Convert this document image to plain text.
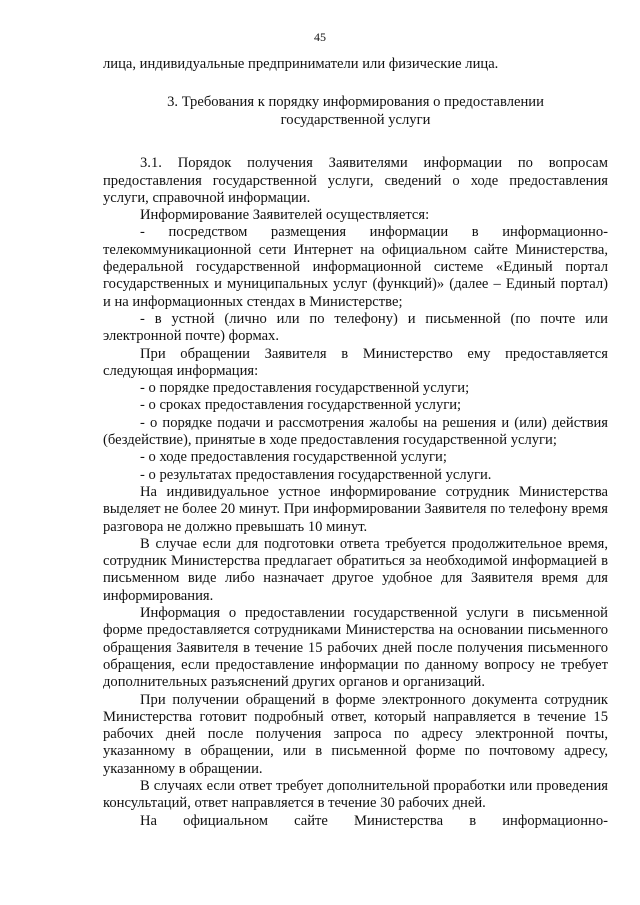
45

лица, индивидуальные предприниматели или физические лица.

3. Требования к порядку информирования о предоставлении
государственной услуги

3.1. Порядок получения Заявителями информации по вопросам предоставления государственной услуги, сведений о ходе предоставления услуги, справочной информации.

Информирование Заявителей осуществляется:

- посредством размещения информации в информационно-телекоммуникационной сети Интернет на официальном сайте Министерства, федеральной государственной информационной системе «Единый портал государственных и муниципальных услуг (функций)» (далее – Единый портал) и на информационных стендах в Министерстве;

- в устной (лично или по телефону) и письменной (по почте или электронной почте) формах.

При обращении Заявителя в Министерство ему предоставляется следующая информация:

- о порядке предоставления государственной услуги;

- о сроках предоставления государственной услуги;

- о порядке подачи и рассмотрения жалобы на решения и (или) действия (бездействие), принятые в ходе предоставления государственной услуги;

- о ходе предоставления государственной услуги;

- о результатах предоставления государственной услуги.

На индивидуальное устное информирование сотрудник Министерства выделяет не более 20 минут. При информировании Заявителя по телефону время разговора не должно превышать 10 минут.

В случае если для подготовки ответа требуется продолжительное время, сотрудник Министерства предлагает обратиться за необходимой информацией в письменном виде либо назначает другое удобное для Заявителя время для информирования.

Информация о предоставлении государственной услуги в письменной форме предоставляется сотрудниками Министерства на основании письменного обращения Заявителя в течение 15 рабочих дней после получения письменного обращения, если предоставление информации по данному вопросу не требует дополнительных разъяснений других органов и организаций.

При получении обращений в форме электронного документа сотрудник Министерства готовит подробный ответ, который направляется в течение 15 рабочих дней после получения запроса по адресу электронной почты, указанному в обращении, или в письменной форме по почтовому адресу, указанному в обращении.

В случаях если ответ требует дополнительной проработки или проведения консультаций, ответ направляется в течение 30 рабочих дней.

На официальном сайте Министерства в информационно-
